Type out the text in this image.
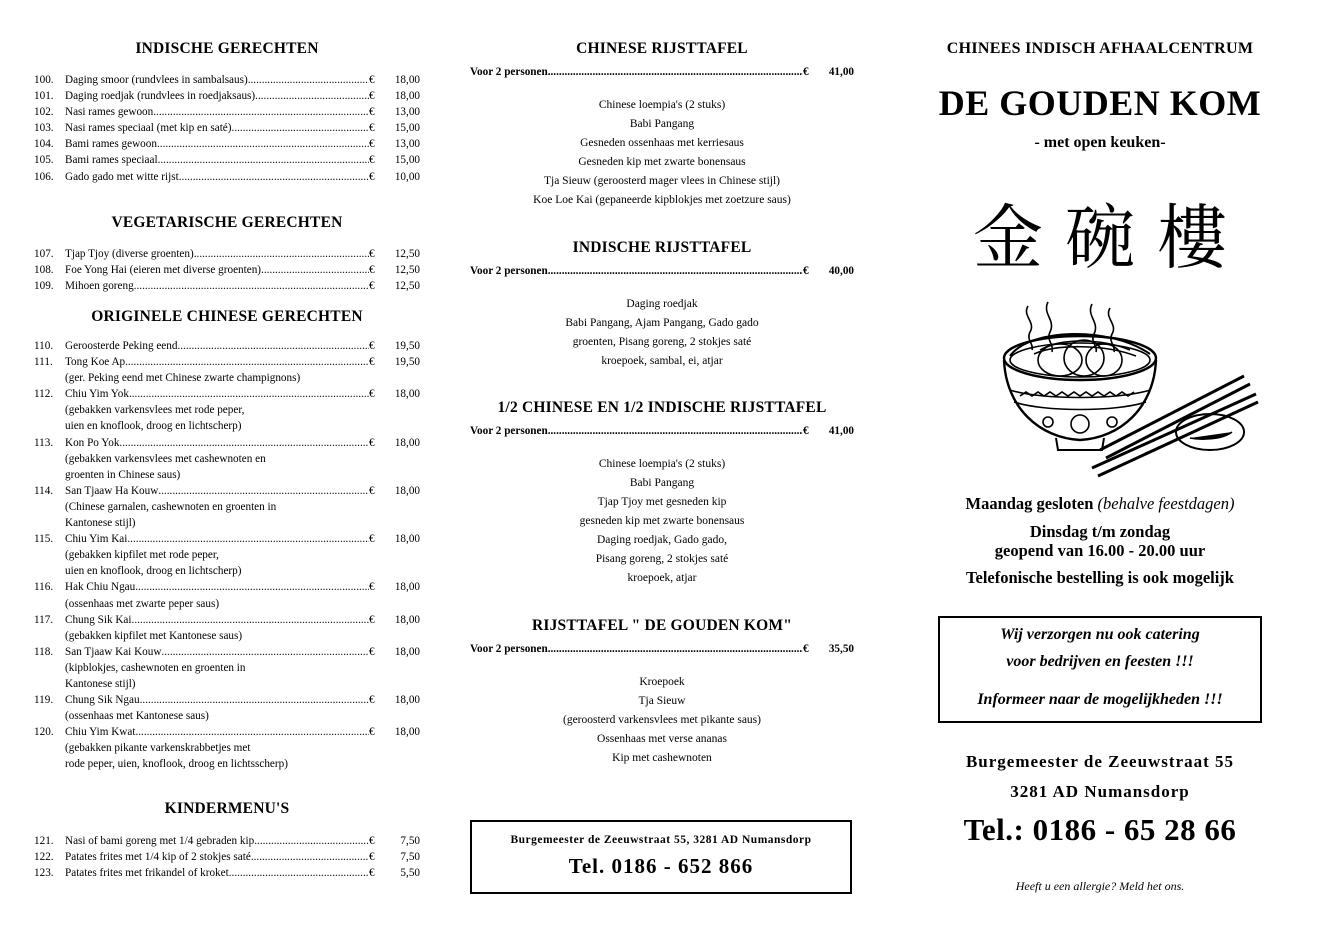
INDISCHE GERECHTEN
100.	Daging smoor (rundvlees in sambalsaus) .....	€	18,00
101.	Daging roedjak (rundvlees in roedjaksaus) .....	€	18,00
102.	Nasi rames gewoon .....	€	13,00
103.	Nasi rames speciaal (met kip en saté) .....	€	15,00
104.	Bami rames gewoon .....	€	13,00
105.	Bami rames speciaal .....	€	15,00
106.	Gado gado met witte rijst .....	€	10,00
VEGETARISCHE GERECHTEN
107.	Tjap Tjoy (diverse groenten) .....	€	12,50
108.	Foe Yong Hai (eieren met diverse groenten) .....	€	12,50
109.	Mihoen goreng .....	€	12,50
ORIGINELE CHINESE GERECHTEN
110.	Geroosterde Peking eend .....	€	19,50
111.	Tong Koe Ap .....	€	19,50
(ger. Peking eend met Chinese zwarte champignons)
112.	Chiu Yim Yok .....	€	18,00
(gebakken varkensvlees met rode peper,
uien en knoflook, droog en lichtscherp)
113.	Kon Po Yok .....	€	18,00
(gebakken varkensvlees met cashewnoten en
groenten in Chinese saus)
114.	San Tjaaw Ha Kouw .....	€	18,00
(Chinese garnalen, cashewnoten en groenten in
Kantonese stijl)
115.	Chiu Yim Kai .....	€	18,00
(gebakken kipfilet met rode peper,
uien en knoflook, droog en lichtscherp)
116.	Hak Chiu Ngau .....	€	18,00
(ossenhaas met zwarte peper saus)
117.	Chung Sik Kai .....	€	18,00
(gebakken kipfilet met Kantonese saus)
118.	San Tjaaw Kai Kouw .....	€	18,00
(kipblokjes, cashewnoten en groenten in
Kantonese stijl)
119.	Chung Sik Ngau .....	€	18,00
(ossenhaas met Kantonese saus)
120.	Chiu Yim Kwat .....	€	18,00
(gebakken pikante varkenskrabbetjes met
rode peper, uien, knoflook, droog en lichtsscherp)
KINDERMENU'S
121.	Nasi of bami goreng met 1/4 gebraden kip .....	€	7,50
122.	Patates frites met 1/4 kip of 2 stokjes saté .....	€	7,50
123.	Patates frites met frikandel of kroket .....	€	5,50
CHINESE RIJSTTAFEL
Voor 2 personen .....	€	41,00
Chinese loempia's (2 stuks)
Babi Pangang
Gesneden ossenhaas met kerriesaus
Gesneden kip met zwarte bonensaus
Tja Sieuw (geroosterd mager vlees in Chinese stijl)
Koe Loe Kai (gepaneerde kipblokjes met zoetzure saus)
INDISCHE RIJSTTAFEL
Voor 2 personen .....	€	40,00
Daging roedjak
Babi Pangang, Ajam Pangang, Gado gado
groenten, Pisang goreng, 2 stokjes saté
kroepoek, sambal, ei, atjar
1/2 CHINESE EN 1/2 INDISCHE RIJSTTAFEL
Voor 2 personen .....	€	41,00
Chinese loempia's (2 stuks)
Babi Pangang
Tjap Tjoy met gesneden kip
gesneden kip met zwarte bonensaus
Daging roedjak, Gado gado,
Pisang goreng, 2 stokjes saté
kroepoek, atjar
RIJSTTAFEL " DE GOUDEN KOM"
Voor 2 personen .....	€	35,50
Kroepoek
Tja Sieuw
(geroosterd varkensvlees met pikante saus)
Ossenhaas met verse ananas
Kip met cashewnoten
Burgemeester de Zeeuwstraat 55, 3281 AD Numansdorp
Tel. 0186 - 652 866
CHINEES INDISCH AFHAALCENTRUM
DE GOUDEN KOM
- met open keuken-
金碗樓
Maandag gesloten (behalve feestdagen)
Dinsdag t/m zondag
geopend van 16.00 - 20.00 uur
Telefonische bestelling is ook mogelijk
Wij verzorgen nu ook catering
voor bedrijven en feesten !!!
Informeer naar de mogelijkheden !!!
Burgemeester de Zeeuwstraat 55
3281 AD Numansdorp
Tel.: 0186 - 65 28 66
Heeft u een allergie? Meld het ons.
